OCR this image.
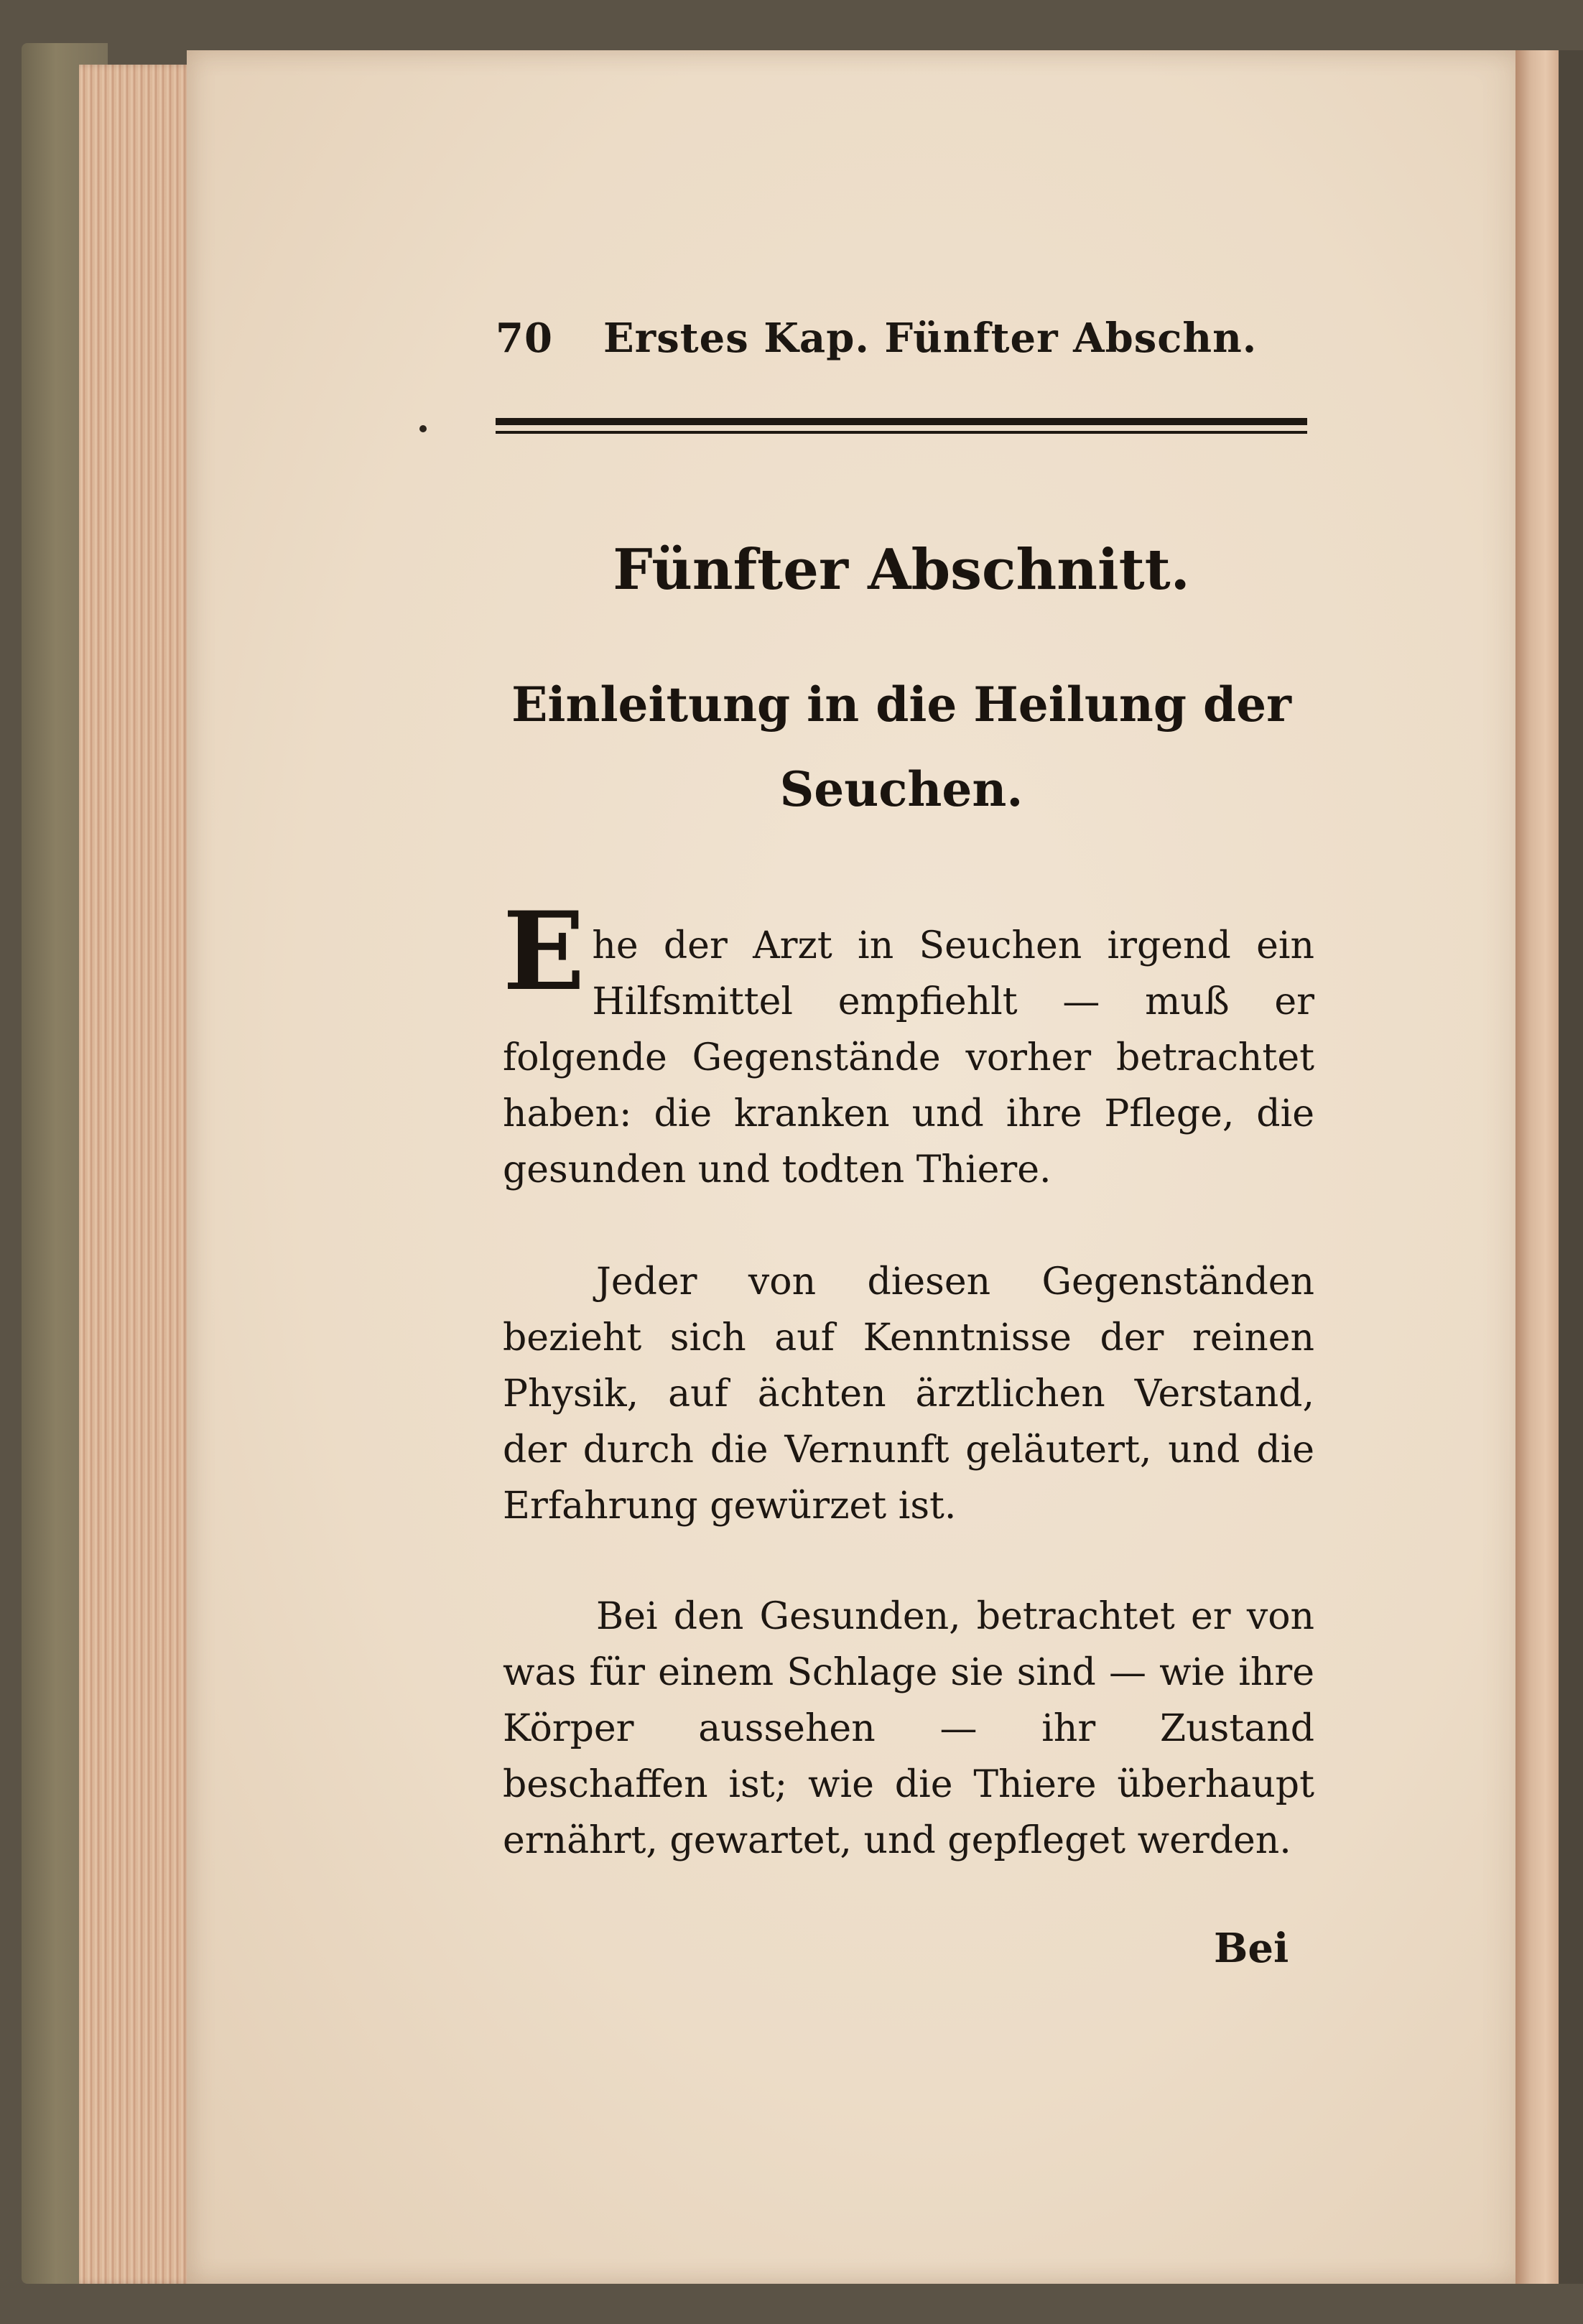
70 Erstes Kap. Fünfter Abschn.
Fünfter Abschnitt.
Einleitung in die Heilung der Seuchen.
E he der Arzt in Seuchen irgend ein Hilfsmittel empfiehlt — muß er folgende Gegenstände vorher betrachtet haben: die kranken und ihre Pflege, die gesunden und todten Thiere.
Jeder von diesen Gegenständen bezieht sich auf Kenntnisse der reinen Physik, auf ächten ärztlichen Verstand, der durch die Vernunft geläutert, und die Erfahrung gewürzet ist.
Bei den Gesunden, betrachtet er von was für einem Schlage sie sind — wie ihre Körper aussehen — ihr Zustand beschaffen ist; wie die Thiere überhaupt ernährt, gewartet, und gepfleget werden.
Bei
